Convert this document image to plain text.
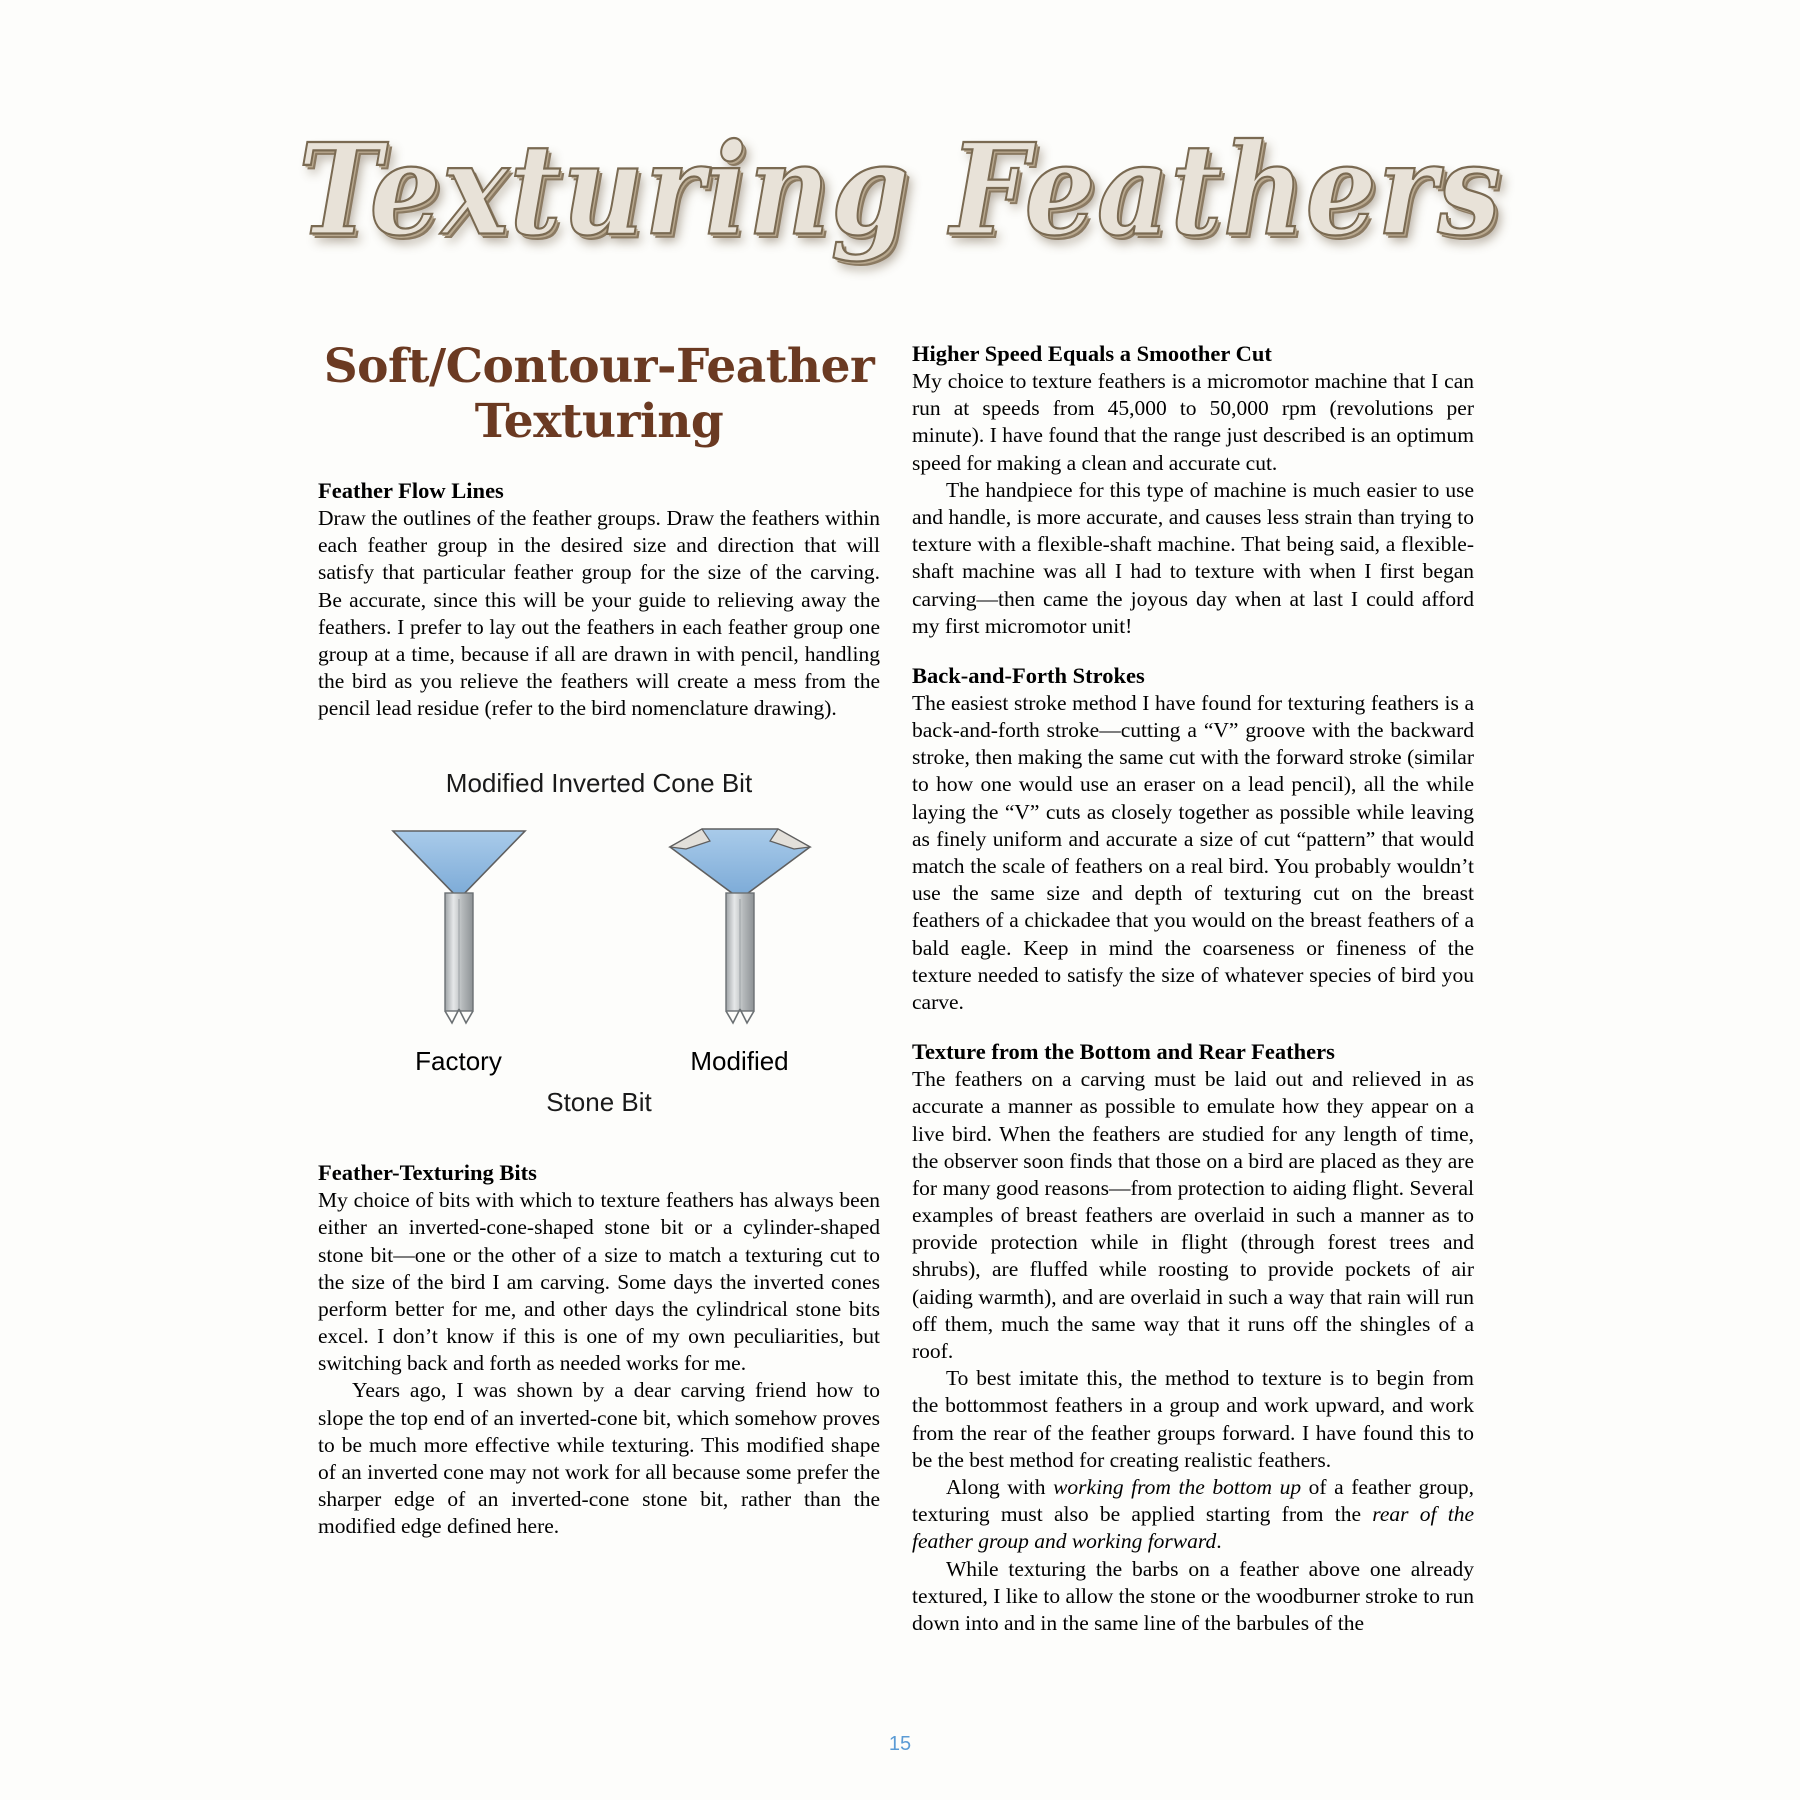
Texturing Feathers
Soft/Contour-Feather Texturing
Feather Flow Lines

Draw the outlines of the feather groups. Draw the feathers within each feather group in the desired size and direction that will satisfy that particular feather group for the size of the carving. Be accurate, since this will be your guide to relieving away the feathers. I prefer to lay out the feathers in each feather group one group at a time, because if all are drawn in with pencil, handling the bird as you relieve the feathers will create a mess from the pencil lead residue (refer to the bird nomenclature drawing).

Modified Inverted Cone Bit
Factory	Modified
Stone Bit
Feather-Texturing Bits

My choice of bits with which to texture feathers has always been either an inverted-cone-shaped stone bit or a cylinder-shaped stone bit—one or the other of a size to match a texturing cut to the size of the bird I am carving. Some days the inverted cones perform better for me, and other days the cylindrical stone bits excel. I don’t know if this is one of my own peculiarities, but switching back and forth as needed works for me.

Years ago, I was shown by a dear carving friend how to slope the top end of an inverted-cone bit, which somehow proves to be much more effective while texturing. This modified shape of an inverted cone may not work for all because some prefer the sharper edge of an inverted-cone stone bit, rather than the modified edge defined here.

Higher Speed Equals a Smoother Cut

My choice to texture feathers is a micromotor machine that I can run at speeds from 45,000 to 50,000 rpm (revolutions per minute). I have found that the range just described is an optimum speed for making a clean and accurate cut.

The handpiece for this type of machine is much easier to use and handle, is more accurate, and causes less strain than trying to texture with a flexible-shaft machine. That being said, a flexible-shaft machine was all I had to texture with when I first began carving—then came the joyous day when at last I could afford my first micromotor unit!

Back-and-Forth Strokes

The easiest stroke method I have found for texturing feathers is a back-and-forth stroke—cutting a “V” groove with the backward stroke, then making the same cut with the forward stroke (similar to how one would use an eraser on a lead pencil), all the while laying the “V” cuts as closely together as possible while leaving as finely uniform and accurate a size of cut “pattern” that would match the scale of feathers on a real bird. You probably wouldn’t use the same size and depth of texturing cut on the breast feathers of a chickadee that you would on the breast feathers of a bald eagle. Keep in mind the coarseness or fineness of the texture needed to satisfy the size of whatever species of bird you carve.

Texture from the Bottom and Rear Feathers

The feathers on a carving must be laid out and relieved in as accurate a manner as possible to emulate how they appear on a live bird. When the feathers are studied for any length of time, the observer soon finds that those on a bird are placed as they are for many good reasons—from protection to aiding flight. Several examples of breast feathers are overlaid in such a manner as to provide protection while in flight (through forest trees and shrubs), are fluffed while roosting to provide pockets of air (aiding warmth), and are overlaid in such a way that rain will run off them, much the same way that it runs off the shingles of a roof.

To best imitate this, the method to texture is to begin from the bottommost feathers in a group and work upward, and work from the rear of the feather groups forward. I have found this to be the best method for creating realistic feathers.

Along with working from the bottom up of a feather group, texturing must also be applied starting from the rear of the feather group and working forward.

While texturing the barbs on a feather above one already textured, I like to allow the stone or the woodburner stroke to run down into and in the same line of the barbules of the

15
